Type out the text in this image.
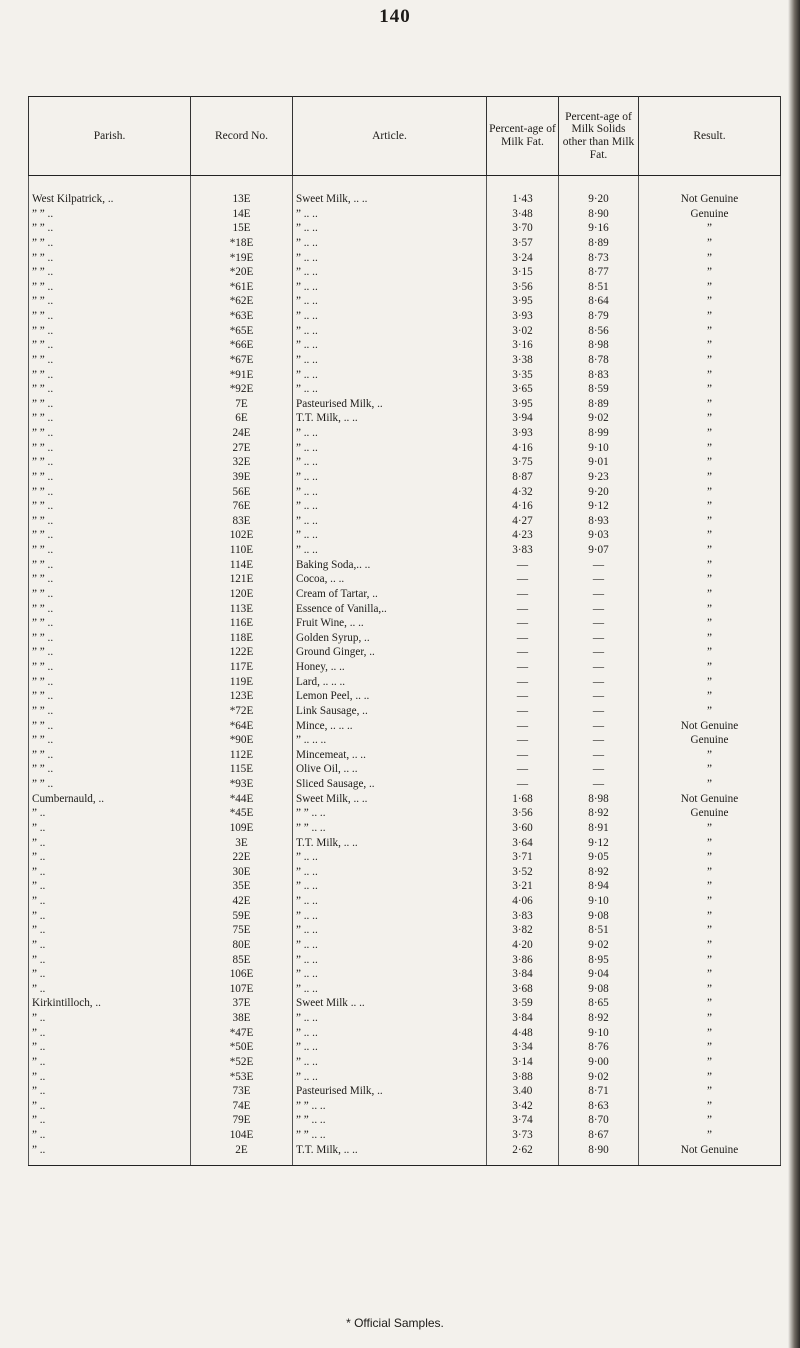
140
Parish.	Record No.	Article.	Percent-age of Milk Fat.	Percent-age of Milk Solids other than Milk Fat.	Result.
West Kilpatrick, ..	13E	Sweet Milk, .. ..	1·43	9·20	Not Genuine
” ” ..	14E	” .. ..	3·48	8·90	Genuine
” ” ..	15E	” .. ..	3·70	9·16	”
” ” ..	*18E	” .. ..	3·57	8·89	”
” ” ..	*19E	” .. ..	3·24	8·73	”
” ” ..	*20E	” .. ..	3·15	8·77	”
” ” ..	*61E	” .. ..	3·56	8·51	”
” ” ..	*62E	” .. ..	3·95	8·64	”
” ” ..	*63E	” .. ..	3·93	8·79	”
” ” ..	*65E	” .. ..	3·02	8·56	”
” ” ..	*66E	” .. ..	3·16	8·98	”
” ” ..	*67E	” .. ..	3·38	8·78	”
” ” ..	*91E	” .. ..	3·35	8·83	”
” ” ..	*92E	” .. ..	3·65	8·59	”
” ” ..	7E	Pasteurised Milk, ..	3·95	8·89	”
” ” ..	6E	T.T. Milk, .. ..	3·94	9·02	”
” ” ..	24E	” .. ..	3·93	8·99	”
” ” ..	27E	” .. ..	4·16	9·10	”
” ” ..	32E	” .. ..	3·75	9·01	”
” ” ..	39E	” .. ..	8·87	9·23	”
” ” ..	56E	” .. ..	4·32	9·20	”
” ” ..	76E	” .. ..	4·16	9·12	”
” ” ..	83E	” .. ..	4·27	8·93	”
” ” ..	102E	” .. ..	4·23	9·03	”
” ” ..	110E	” .. ..	3·83	9·07	”
” ” ..	114E	Baking Soda,.. ..	—	—	”
” ” ..	121E	Cocoa, .. ..	—	—	”
” ” ..	120E	Cream of Tartar, ..	—	—	”
” ” ..	113E	Essence of Vanilla,..	—	—	”
” ” ..	116E	Fruit Wine, .. ..	—	—	”
” ” ..	118E	Golden Syrup, ..	—	—	”
” ” ..	122E	Ground Ginger, ..	—	—	”
” ” ..	117E	Honey, .. ..	—	—	”
” ” ..	119E	Lard, .. .. ..	—	—	”
” ” ..	123E	Lemon Peel, .. ..	—	—	”
” ” ..	*72E	Link Sausage, ..	—	—	”
” ” ..	*64E	Mince, .. .. ..	—	—	Not Genuine
” ” ..	*90E	” .. .. ..	—	—	Genuine
” ” ..	112E	Mincemeat, .. ..	—	—	”
” ” ..	115E	Olive Oil, .. ..	—	—	”
” ” ..	*93E	Sliced Sausage, ..	—	—	”
Cumbernauld, ..	*44E	Sweet Milk, .. ..	1·68	8·98	Not Genuine
” ..	*45E	” ” .. ..	3·56	8·92	Genuine
” ..	109E	” ” .. ..	3·60	8·91	”
” ..	3E	T.T. Milk, .. ..	3·64	9·12	”
” ..	22E	” .. ..	3·71	9·05	”
” ..	30E	” .. ..	3·52	8·92	”
” ..	35E	” .. ..	3·21	8·94	”
” ..	42E	” .. ..	4·06	9·10	”
” ..	59E	” .. ..	3·83	9·08	”
” ..	75E	” .. ..	3·82	8·51	”
” ..	80E	” .. ..	4·20	9·02	”
” ..	85E	” .. ..	3·86	8·95	”
” ..	106E	” .. ..	3·84	9·04	”
” ..	107E	” .. ..	3·68	9·08	”
Kirkintilloch, ..	37E	Sweet Milk .. ..	3·59	8·65	”
” ..	38E	” .. ..	3·84	8·92	”
” ..	*47E	” .. ..	4·48	9·10	”
” ..	*50E	” .. ..	3·34	8·76	”
” ..	*52E	” .. ..	3·14	9·00	”
” ..	*53E	” .. ..	3·88	9·02	”
” ..	73E	Pasteurised Milk, ..	3.40	8·71	”
” ..	74E	” ” .. ..	3·42	8·63	”
” ..	79E	” ” .. ..	3·74	8·70	”
” ..	104E	” ” .. ..	3·73	8·67	”
” ..	2E	T.T. Milk, .. ..	2·62	8·90	Not Genuine
* Official Samples.
